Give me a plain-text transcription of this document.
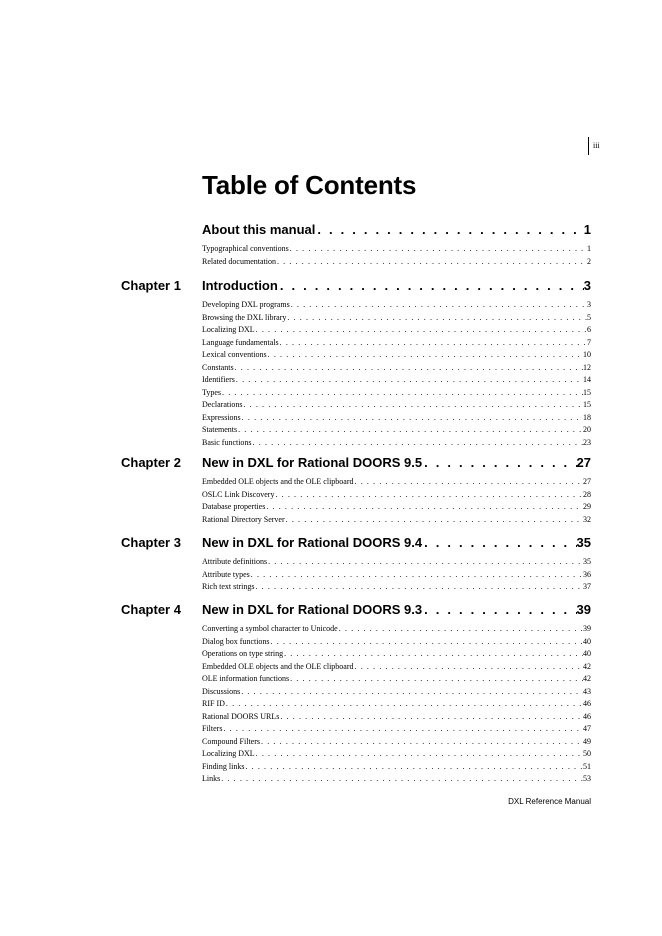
iii
Table of Contents
About this manual . . .	1
Typographical conventions . . .	1
Related documentation . . .	2
Chapter 1 Introduction . . .	3
Developing DXL programs . . .	3
Browsing the DXL library . . .	5
Localizing DXL . . .	6
Language fundamentals . . .	7
Lexical conventions . . .	10
Constants . . .	12
Identifiers . . .	14
Types . . .	15
Declarations . . .	15
Expressions . . .	18
Statements . . .	20
Basic functions . . .	23
Chapter 2 New in DXL for Rational DOORS 9.5 . . .	27
Embedded OLE objects and the OLE clipboard . . .	27
OSLC Link Discovery . . .	28
Database properties . . .	29
Rational Directory Server . . .	32
Chapter 3 New in DXL for Rational DOORS 9.4 . . .	35
Attribute definitions . . .	35
Attribute types . . .	36
Rich text strings . . .	37
Chapter 4 New in DXL for Rational DOORS 9.3 . . .	39
Converting a symbol character to Unicode . . .	39
Dialog box functions . . .	40
Operations on type string . . .	40
Embedded OLE objects and the OLE clipboard . . .	42
OLE information functions . . .	42
Discussions . . .	43
RIF ID . . .	46
Rational DOORS URLs . . .	46
Filters . . .	47
Compound Filters . . .	49
Localizing DXL . . .	50
Finding links . . .	51
Links . . .	53
DXL Reference Manual
